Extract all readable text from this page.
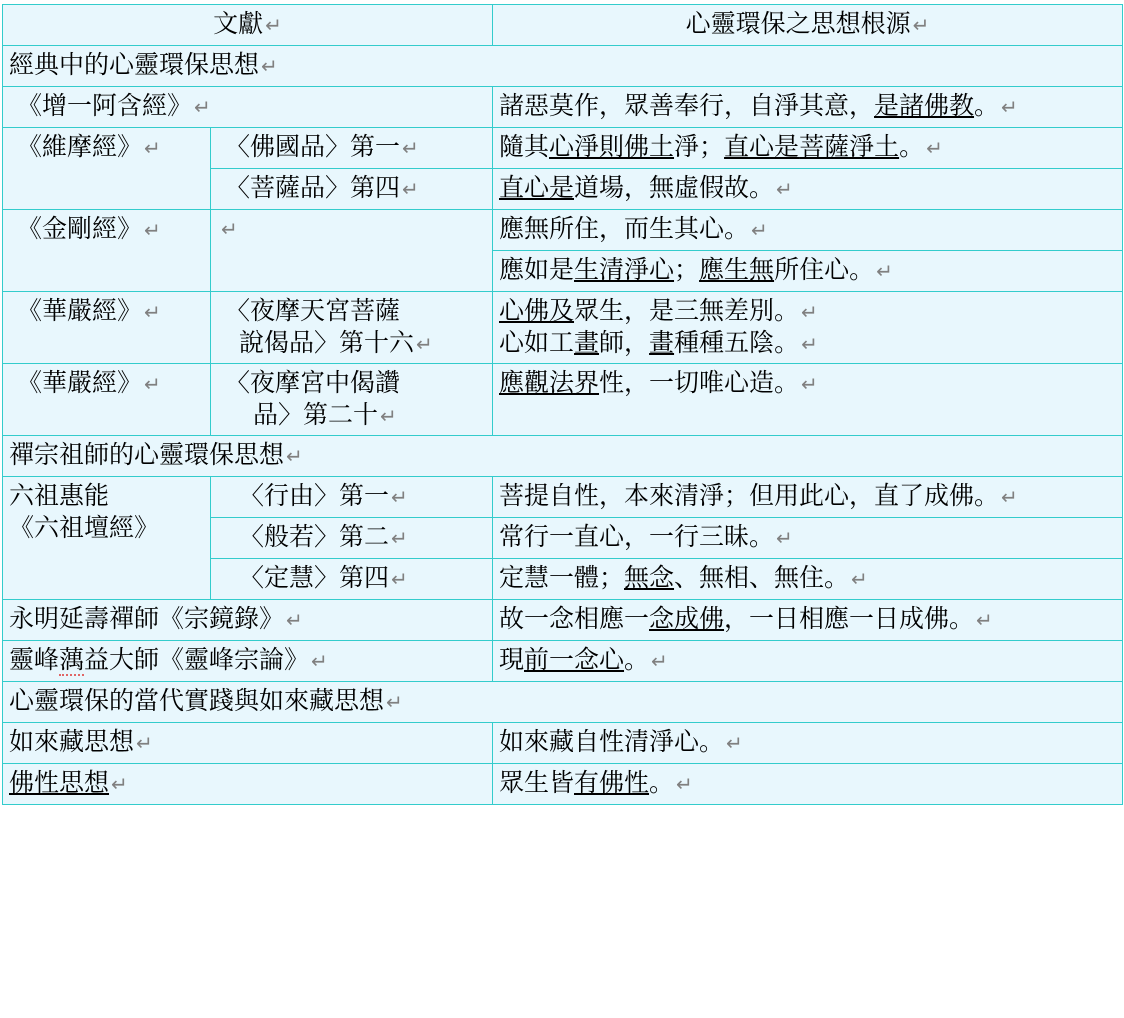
文獻 ↵		心靈環保之思想根源 ↵
經典中的心靈環保思想 ↵		
《增一阿含經》 ↵		諸惡莫作，眾善奉行，自淨其意，是諸佛教。 ↵
《維摩經》 ↵	〈佛國品〉第一 ↵	隨其心淨則佛土淨；直心是菩薩淨土。 ↵
	〈菩薩品〉第四 ↵	直心是道場，無虛假故。 ↵
《金剛經》 ↵	↵	應無所住，而生其心。 ↵
		應如是生清淨心；應生無所住心。 ↵
《華嚴經》 ↵	〈夜摩天宮菩薩
說偈品〉第十六 ↵	心佛及眾生，是三無差別。 ↵
心如工畫師，畫種種五陰。 ↵

《華嚴經》 ↵	〈夜摩宮中偈讚
品〉第二十 ↵	應觀法界性，一切唯心造。 ↵
禪宗祖師的心靈環保思想 ↵		

六祖惠能
《六祖壇經》	〈行由〉第一 ↵	菩提自性，本來清淨；但用此心，直了成佛。 ↵
	〈般若〉第二 ↵	常行一直心，一行三昧。 ↵
	〈定慧〉第四 ↵	定慧一體；無念、無相、無住。 ↵
永明延壽禪師《宗鏡錄》 ↵		故一念相應一念成佛，一日相應一日成佛。 ↵
靈峰蕅益大師《靈峰宗論》 ↵		現前一念心。 ↵
心靈環保的當代實踐與如來藏思想 ↵		
如來藏思想 ↵		如來藏自性清淨心。 ↵
佛性思想 ↵		眾生皆有佛性。 ↵
